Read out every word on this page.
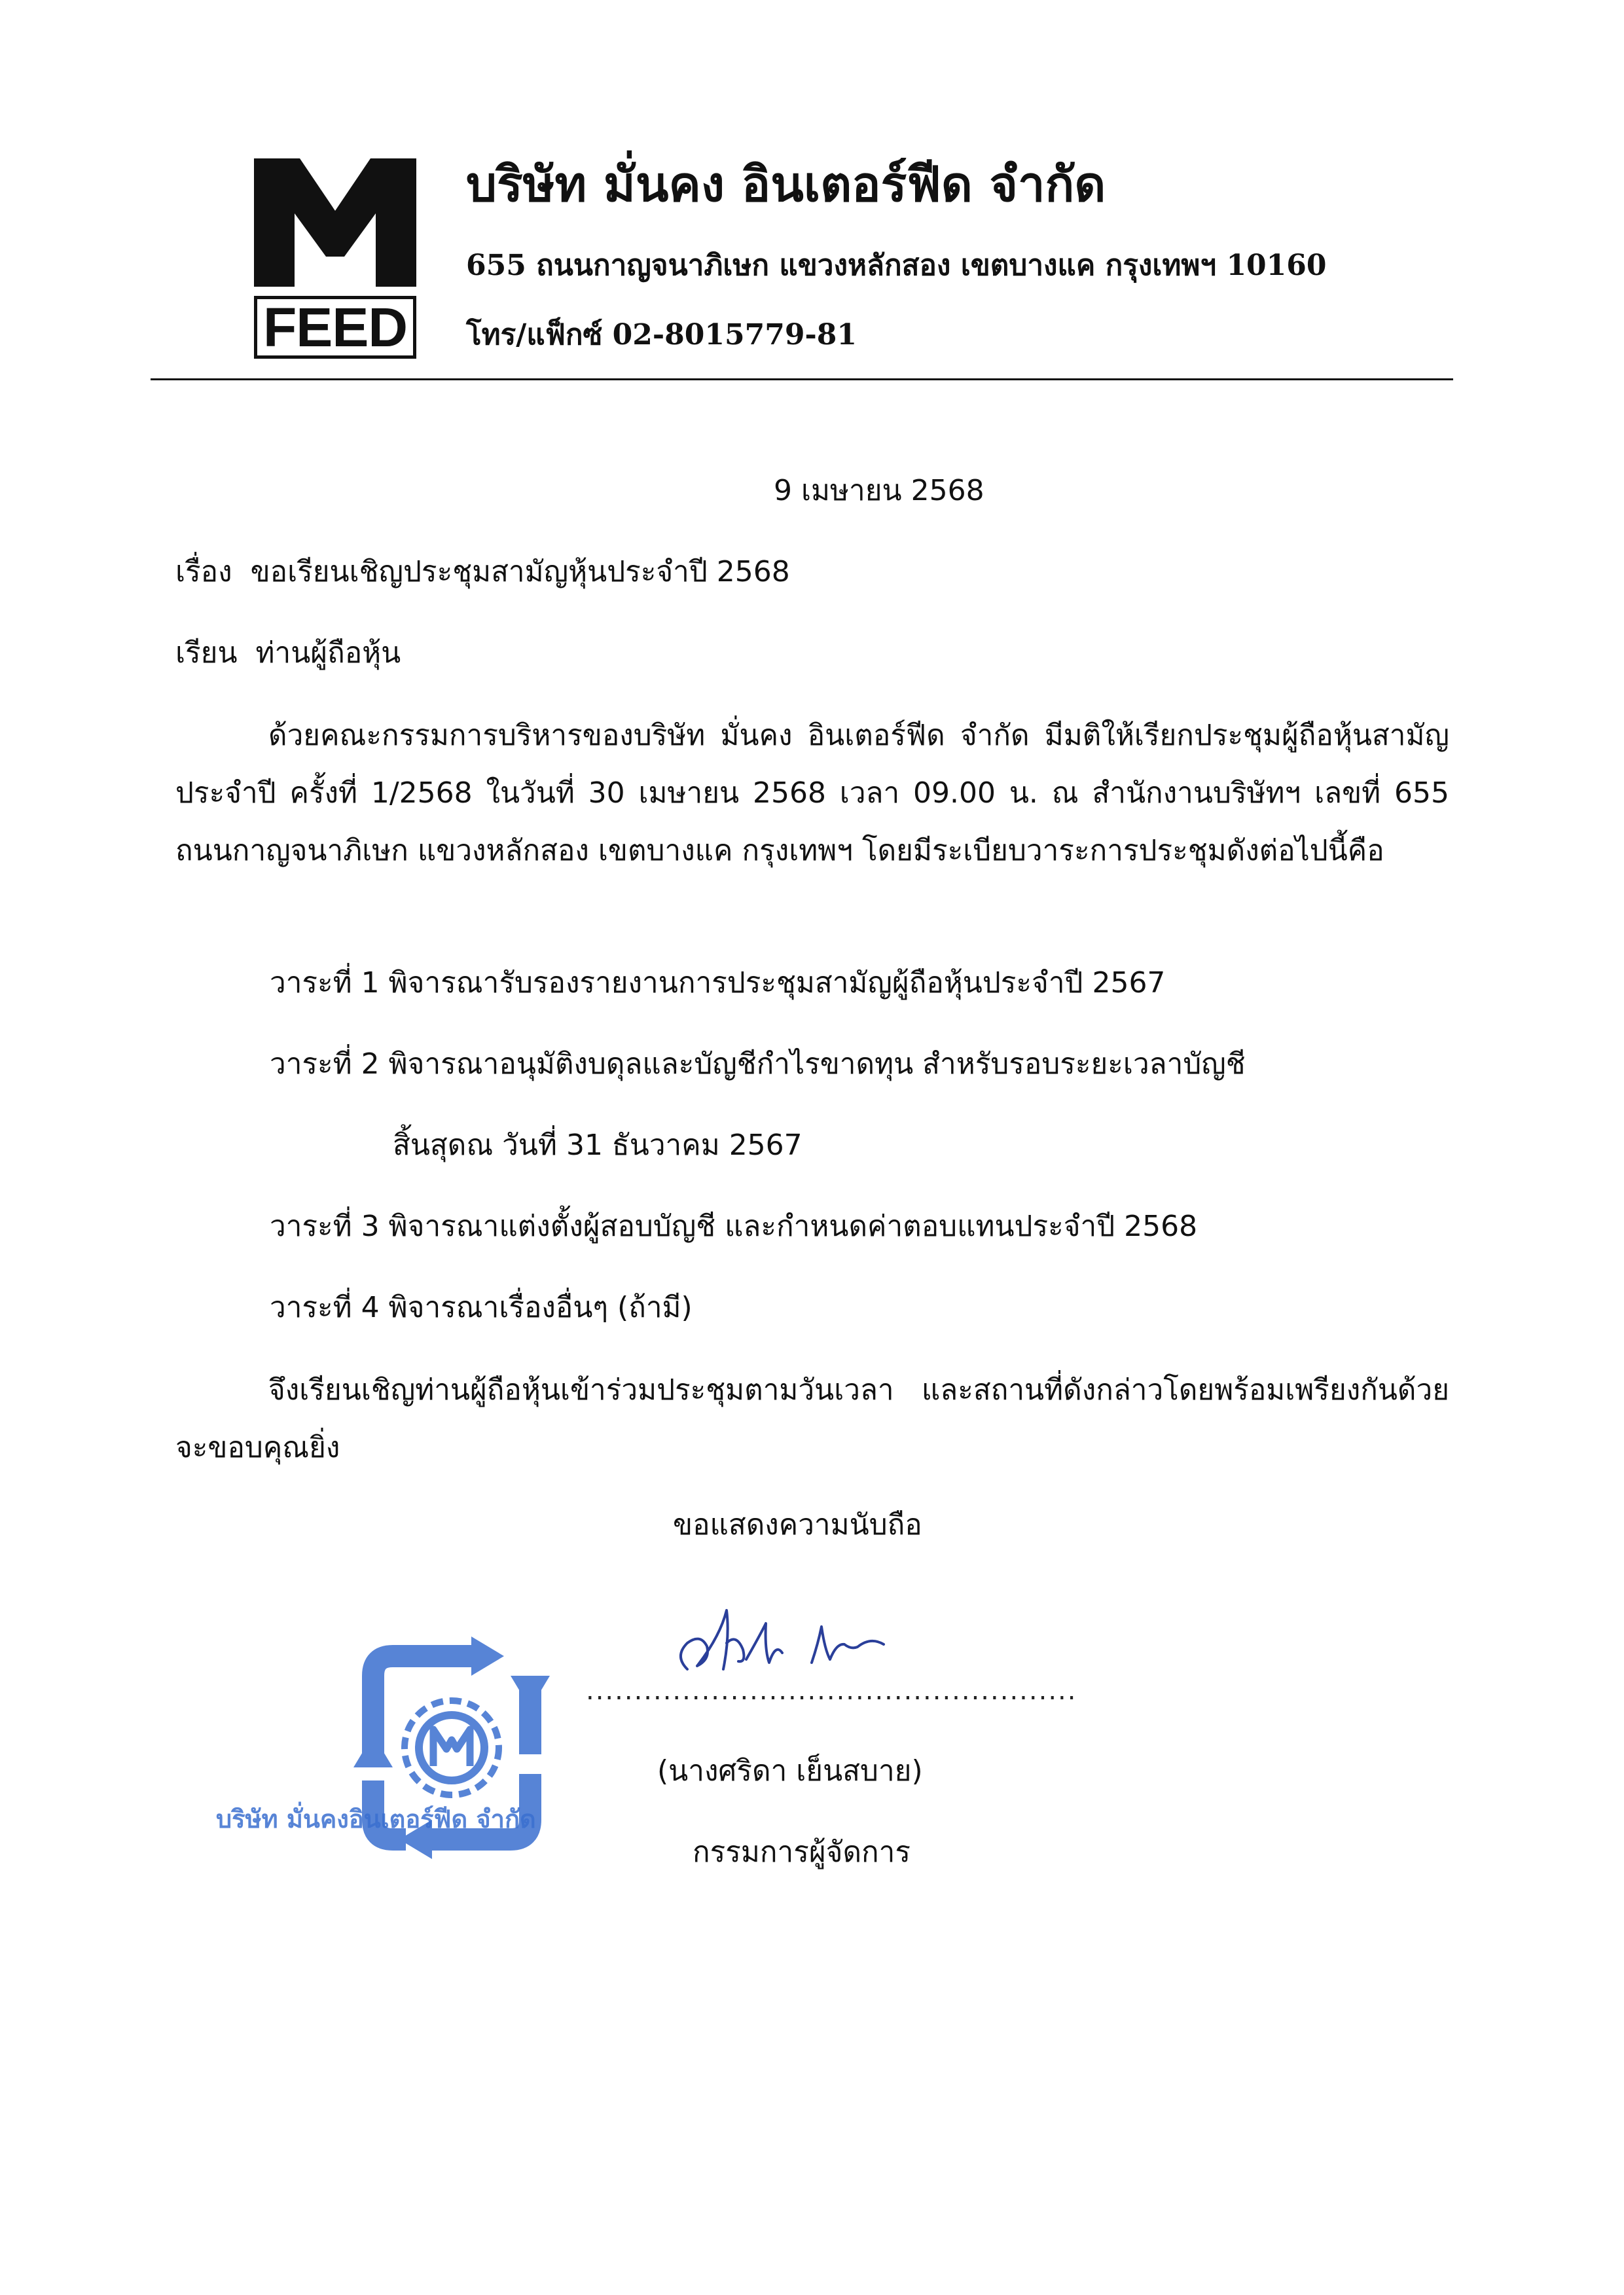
FEED
บริษัท มั่นคง อินเตอร์ฟีด จำกัด
655 ถนนกาญจนาภิเษก แขวงหลักสอง เขตบางแค กรุงเทพฯ 10160
โทร/แฟ็กซ์ 02-8015779-81
9 เมษายน 2568
เรื่อง ขอเรียนเชิญประชุมสามัญหุ้นประจำปี 2568
เรียน ท่านผู้ถือหุ้น
ด้วยคณะกรรมการบริหารของบริษัท มั่นคง อินเตอร์ฟีด จำกัด มีมติให้เรียกประชุมผู้ถือหุ้นสามัญประจำปี ครั้งที่ 1/2568 ในวันที่ 30 เมษายน 2568 เวลา 09.00 น. ณ สำนักงานบริษัทฯ เลขที่ 655 ถนนกาญจนาภิเษก แขวงหลักสอง เขตบางแค กรุงเทพฯ โดยมีระเบียบวาระการประชุมดังต่อไปนี้คือ
วาระที่ 1 พิจารณารับรองรายงานการประชุมสามัญผู้ถือหุ้นประจำปี 2567
วาระที่ 2 พิจารณาอนุมัติงบดุลและบัญชีกำไรขาดทุน สำหรับรอบระยะเวลาบัญชี
สิ้นสุดณ วันที่ 31 ธันวาคม 2567
วาระที่ 3 พิจารณาแต่งตั้งผู้สอบบัญชี และกำหนดค่าตอบแทนประจำปี 2568
วาระที่ 4 พิจารณาเรื่องอื่นๆ (ถ้ามี)
จึงเรียนเชิญท่านผู้ถือหุ้นเข้าร่วมประชุมตามวันเวลา และสถานที่ดังกล่าวโดยพร้อมเพรียงกันด้วย จะขอบคุณยิ่ง
ขอแสดงความนับถือ
บริษัท มั่นคงอินเตอร์ฟีด จำกัด
...................................................
(นางศริดา เย็นสบาย)
กรรมการผู้จัดการ
